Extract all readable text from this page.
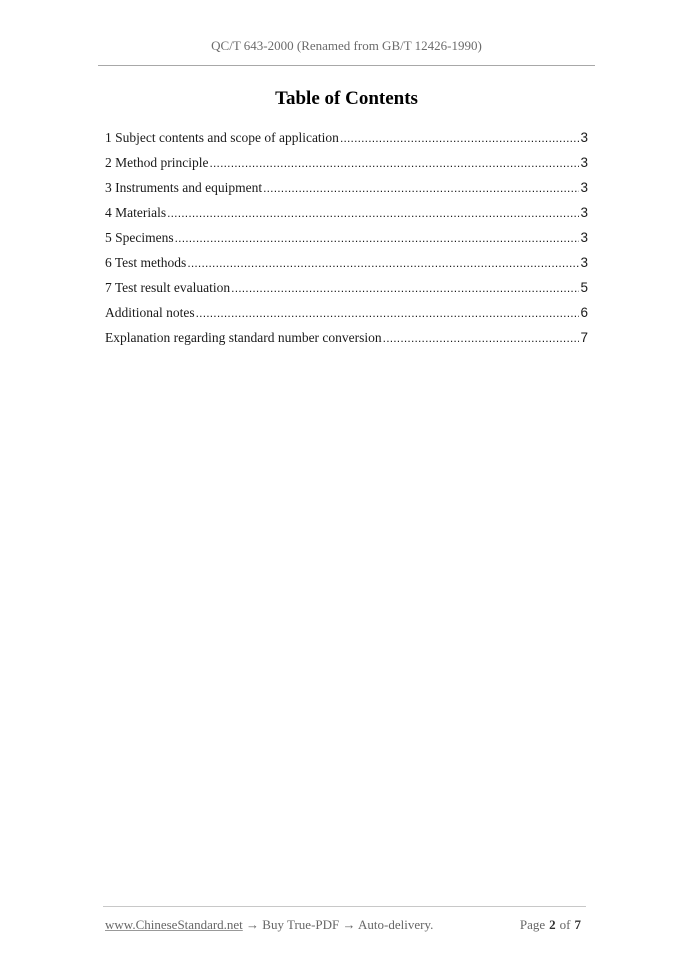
QC/T 643-2000 (Renamed from GB/T 12426-1990)
Table of Contents
1 Subject contents and scope of application .....	3
2 Method principle .....	3
3 Instruments and equipment .....	3
4 Materials .....	3
5 Specimens .....	3
6 Test methods .....	3
7 Test result evaluation .....	5
Additional notes .....	6
Explanation regarding standard number conversion .....	7
www.ChineseStandard.net → Buy True-PDF → Auto-delivery.	Page 2 of 7
